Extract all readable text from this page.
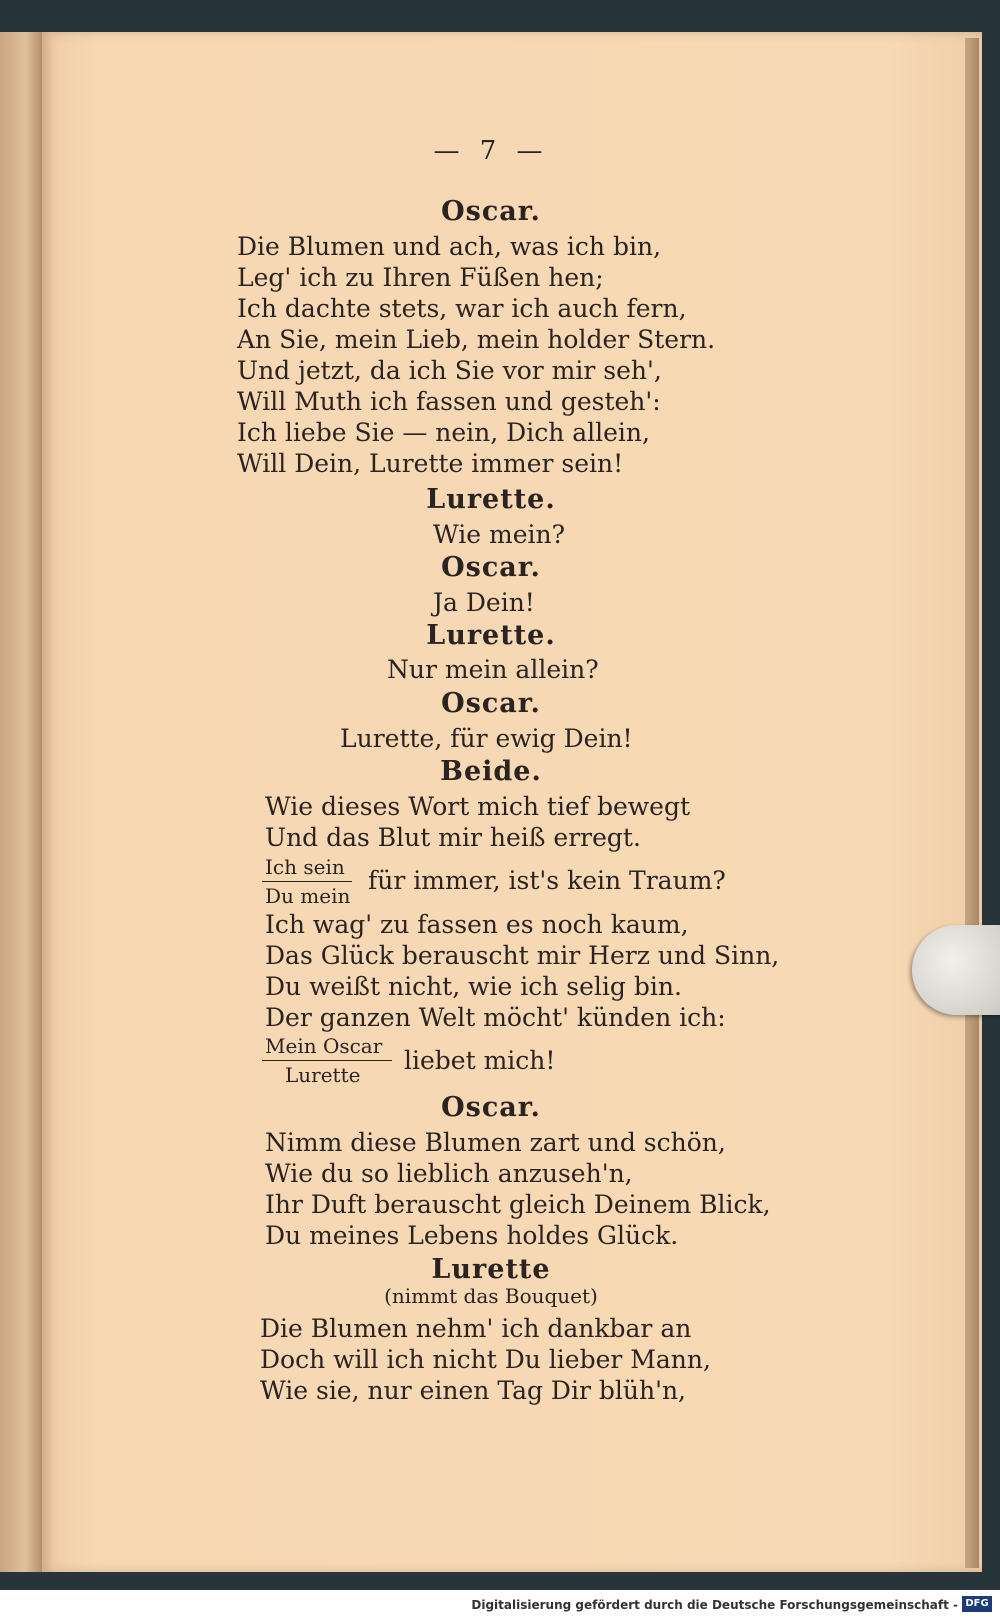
— 7 —
Oscar.
Die Blumen und ach, was ich bin,
Leg' ich zu Ihren Füßen hen;
Ich dachte stets, war ich auch fern,
An Sie, mein Lieb, mein holder Stern.
Und jetzt, da ich Sie vor mir seh',
Will Muth ich fassen und gesteh':
Ich liebe Sie — nein, Dich allein,
Will Dein, Lurette immer sein!
Lurette.
Wie mein?
Oscar.
Ja Dein!
Lurette.
Nur mein allein?
Oscar.
Lurette, für ewig Dein!
Beide.
Wie dieses Wort mich tief bewegt
Und das Blut mir heiß erregt.
Ich sein
Du mein
für immer, ist's kein Traum?
Ich wag' zu fassen es noch kaum,
Das Glück berauscht mir Herz und Sinn,
Du weißt nicht, wie ich selig bin.
Der ganzen Welt möcht' künden ich:
Mein Oscar
Lurette liebet mich!
Oscar.
Nimm diese Blumen zart und schön,
Wie du so lieblich anzuseh'n,
Ihr Duft berauscht gleich Deinem Blick,
Du meines Lebens holdes Glück.
Lurette
(nimmt das Bouquet)
Die Blumen nehm' ich dankbar an
Doch will ich nicht Du lieber Mann,
Wie sie, nur einen Tag Dir blüh'n,
Digitalisierung gefördert durch die Deutsche Forschungsgemeinschaft - DFG
